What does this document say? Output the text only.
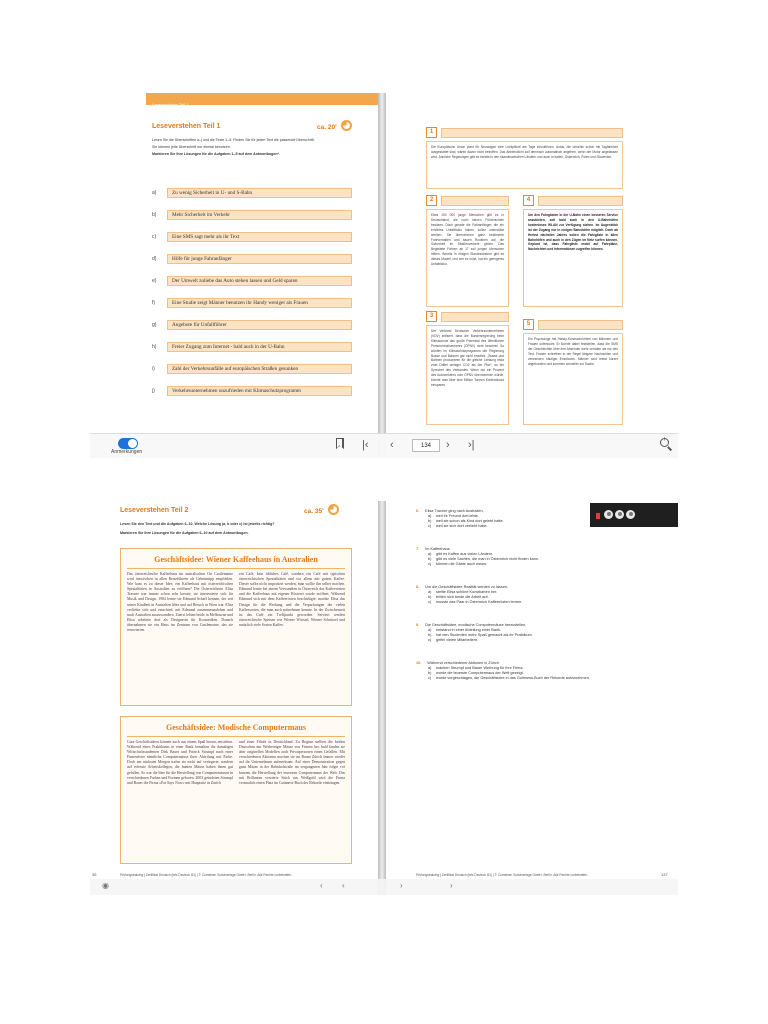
Leseverstehen Teil 1
Leseverstehen Teil 1	ca. 20'
Lesen Sie die Überschriften a–j und die Texte 1–5. Finden Sie für jeden Text die passende Überschrift.
Sie können jede Überschrift nur einmal benutzen.
Markieren Sie Ihre Lösungen für die Aufgaben 1–5 auf dem Antwortbogen*.
a)	Zu wenig Sicherheit in U- und S-Bahn
b)	Mehr Sicherheit im Verkehr
c)	Eine SMS sagt mehr als ihr Text
d)	Hilfe für junge Fahranfänger
e)	Der Umwelt zuliebe das Auto stehen lassen und Geld sparen
f)	Eine Studie zeigt Männer benutzen ihr Handy weniger als Frauen
g)	Angebote für Unfallführer
h)	Freier Zugang zum Internet - bald auch in der U-Bahn
i)	Zahl der Verkehrsunfälle auf europäischen Straßen gesunken
j)	Verkehrsunternehmen unzufrieden mit Klimaschutzprogramm
1
Die Europäische Union plant für Neuwagen eine Lichtpflicht am Tage einzuführen. Autos, die ohnehin schon mit Tagfahrlicht ausgestattet sind, wären davon nicht betroffen. Das Abblendlicht soll demnach automatisch angehen, wenn der Motor angelassen wird. Ähnliche Regelungen gibt es bereits in den skandinavischen Ländern und auch in Italien, Österreich, Polen und Slowenien.
2
Etwa 100 000 junge Menschen gibt es in Deutschland, die noch keinen Führerschein besitzen. Doch gerade die Fahranfänger, die ein erhöhtes Unfallrisiko haben, sollen unterstützt werden. Sie übernehmen ganz bestimmte Fahrverhalten und bauen Routinen auf, die Sicherheit im Straßenverkehr geben. Das Begleitete Fahren ab 17 soll jungen Menschen helfen. Bereits in einigen Bundesländern gibt es dieses Modell, und wer es nutzt, hat ein geringeres Unfallrisiko.
4
Um den Fahrgästen in der U-Bahn einen besseren Service anzubieten, soll bald auch in den U-Bahnhöfen kostenloses WLAN zur Verfügung stehen. Im Augenblick ist der Zugang nur in einigen Bahnhöfen möglich. Doch ab Herbst nächsten Jahres sollen die Fahrgäste in allen Bahnhöfen und auch in den Zügen im Netz surfen können. Geplant ist, dass Fahrgäste mobil auf Fahrpläne, Nachrichten und Informationen zugreifen können.
3
Der Verband Deutscher Verkehrsunternehmen (VDV) kritisiert, dass die Bundesregierung beim Klimaschutz das große Potenzial des öffentlichen Personennahverkehrs (ÖPNV) nicht beachtet. So würden im Klimaschutzprogramm der Regierung Busse und Bahnen gar nicht erwähnt. „Busse und Bahnen produzieren für die gleiche Leistung etwa zwei Drittel weniger CO2 als der Pkw“, so ein Sprecher des Verbandes. Wenn nur ein Prozent des Autoverkehrs vom ÖPNV übernommen würde, könnte man über eine Million Tonnen Kohlendioxid einsparen.
5
Ein Psychologe hat Handy-Kurznachrichten von Männern und Frauen untersucht. Er konnte dabei feststellen, dass die SMS der Geschlechter über ihre Absender mehr verraten als nur den Text. Frauen schreiben in der Regel längere Nachrichten und verwenden häufiger Emoticons. Männer sind meist kürzer angebunden und kommen schneller zur Sache.
Anmerkungen
|‹ ‹	134	› ›|	+
Leseverstehen Teil 2	ca. 35'
Lesen Sie den Text und die Aufgaben 6–10. Welche Lösung (a, b oder c) ist jeweils richtig?
Markieren Sie Ihre Lösungen für die Aufgaben 6–10 auf dem Antwortbogen.
Geschäftsidee: Wiener Kaffeehaus in Australien
Das österreichische Kaffeehaus im australischen Ort Castlemaine wird inzwischen in allen Reiseführern als Geheimtipp empfohlen. Wie kam es zu dieser Idee, ein Kaffeehaus mit österreichischen Spezialitäten in Australien zu eröffnen? Die Österreicherin Elisa Traxner war immer schon sehr kreativ, sie interessierte sich für Musik und Design. 1984 lernte sie Edmund Schaff kennen, der seit seiner Kindheit in Australien lebte und auf Besuch in Wien war. Elisa verliebte sich und entschied, mit Edmund zusammenzuleben und nach Australien auszuwandern. Zuerst lebten beide in Melbourne und Elisa arbeitete dort als Designerin für Kosmetiken. Danach übernahmen sie ein Haus im Zentrum von Castlemaine, das sie renovierten.
ein Café, kein übliches Café, sondern ein Café mit typischen österreichischen Spezialitäten und vor allem mit gutem Kaffee. Dieser sollte nicht importiert werden, man wollte ihn selber machen. Edmund lernte bei einem Verwandten in Österreich das Kaffeerösten und die Kaffeehaus mit eigener Rösterei wurde eröffnet. Während Edmund sich mit dem Kaffeerösten beschäftigte, machte Elisa das Design für die Werbung und die Verpackungen der vielen Kaffeesorten, die man auch mitnehmen konnte. In der Zwischenzeit ist das Café ein Treffpunkt geworden. Serviert werden österreichische Speisen wie Wiener Würstel, Wiener Schnitzel und natürlich viele Sorten Kaffee.
Geschäftsidee: Modische Computermaus
Gute Geschäftsideen können auch aus einem Spaß heraus entstehen. Während eines Praktikums in einer Bank bemalten die damaligen Wirtschaftsstudenten Dirk Bauer und Patrick Strumpf nach einer Firmenfeier sämtliche Computermäuse ihrer Abteilung mit Farbe. Doch am nächsten Morgen trafen sie nicht auf verärgerte, sondern auf erfreute Arbeitskollegen, die bunten Mäuse haben ihnen gut gefallen. So war die Idee für die Herstellung von Computermäusen in verschiedenen Farben und Formen geboren. 2003 gründeten Strumpf und Bauer die Firma »Pat Says Now« mit Hauptsitz in Zürich
und einer Filiale in Deutschland. Zu Beginn stellten die beiden Deutschen nur Werbeträger Mäuse von Firmen her, bald fanden sie aber originellen Modellen auch Privatpersonen einen Gefallen. Mit verschiedenen Aktionen machen sie im Raum Zürich immer wieder auf ihr Unternehmen aufmerksam. Auf einer Demonstration gegen ganz Mäuse in der Bahnhofstraße im vergangenen Jahr folgte vor kurzem die Herstellung der teuersten Computermaus der Welt. Das mit Brillanten verzierte Stück aus Weißgold wird die Firma vermutlich einen Platz im Guinness-Buch der Rekorde einbringen.
36	Prüfungstraining | Zertifikat Deutsch (telc Deutsch B1) | © Cornelsen Schulverlage GmbH, Berlin. Alle Rechte vorbehalten.
6. Elisa Traxner ging nach Australien,
a) weil ihr Freund dort lebte.
b) weil sie schon als Kind dort gelebt hatte.
c) weil sie sich dort verliebt hatte.
7. Im Kaffeehaus
a) gibt es Kaffee aus vielen Ländern.
b) gibt es viele Sachen, die man in Österreich nicht finden kann.
c) können die Gäste auch essen.
8. Um die Geschäftsidee Realität werden zu lassen,
a) stellte Elisa schöne Kunstkarten her.
b) teilten sich beide die Arbeit auf.
c) musste das Paar in Österreich Kaffeerösten lernen.
9. Die Geschäftsidee, modische Computermäuse herzustellen,
a) entstand in einer Abteilung einer Bank.
b) hat den Studenten mehr Spaß gemacht als ihr Praktikum.
c) gefiel vielen Mitarbeitern.
10. Während verschiedener Aktionen in Zürich
a) machen Strumpf und Bauer Werbung für ihre Firma.
b) wurde die teuerste Computermaus der Welt gezeigt.
c) wurde vorgeschlagen, die Geschäftsidee in das Guinness-Buch der Rekorde aufzunehmen.
Prüfungstraining | Zertifikat Deutsch (telc Deutsch B1) | © Cornelsen Schulverlage GmbH, Berlin. Alle Rechte vorbehalten.	137
◉	‹ ‹	›	›
